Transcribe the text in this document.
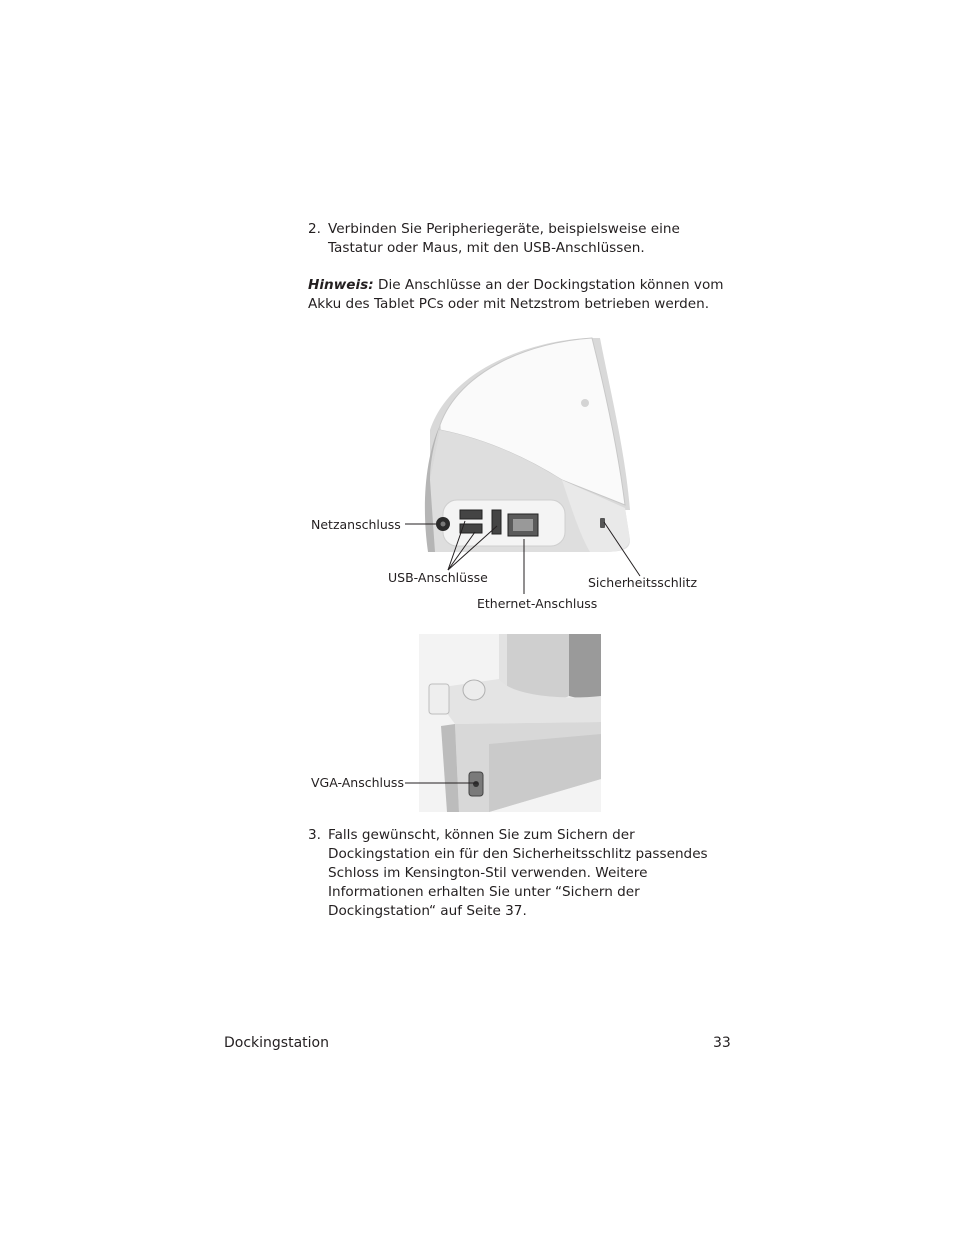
2. Verbinden Sie Peripheriegeräte, beispielsweise eine Tastatur oder Maus, mit den USB-Anschlüssen.

Hinweis: Die Anschlüsse an der Dockingstation können vom Akku des Tablet PCs oder mit Netzstrom betrieben werden.

Netzanschluss
USB-Anschlüsse
Ethernet-Anschluss
Sicherheitsschlitz
VGA-Anschluss
3. Falls gewünscht, können Sie zum Sichern der Dockingstation ein für den Sicherheitsschlitz passendes Schloss im Kensington-Stil verwenden. Weitere Informationen erhalten Sie unter “Sichern der Dockingstation“ auf Seite 37.
Dockingstation	33
